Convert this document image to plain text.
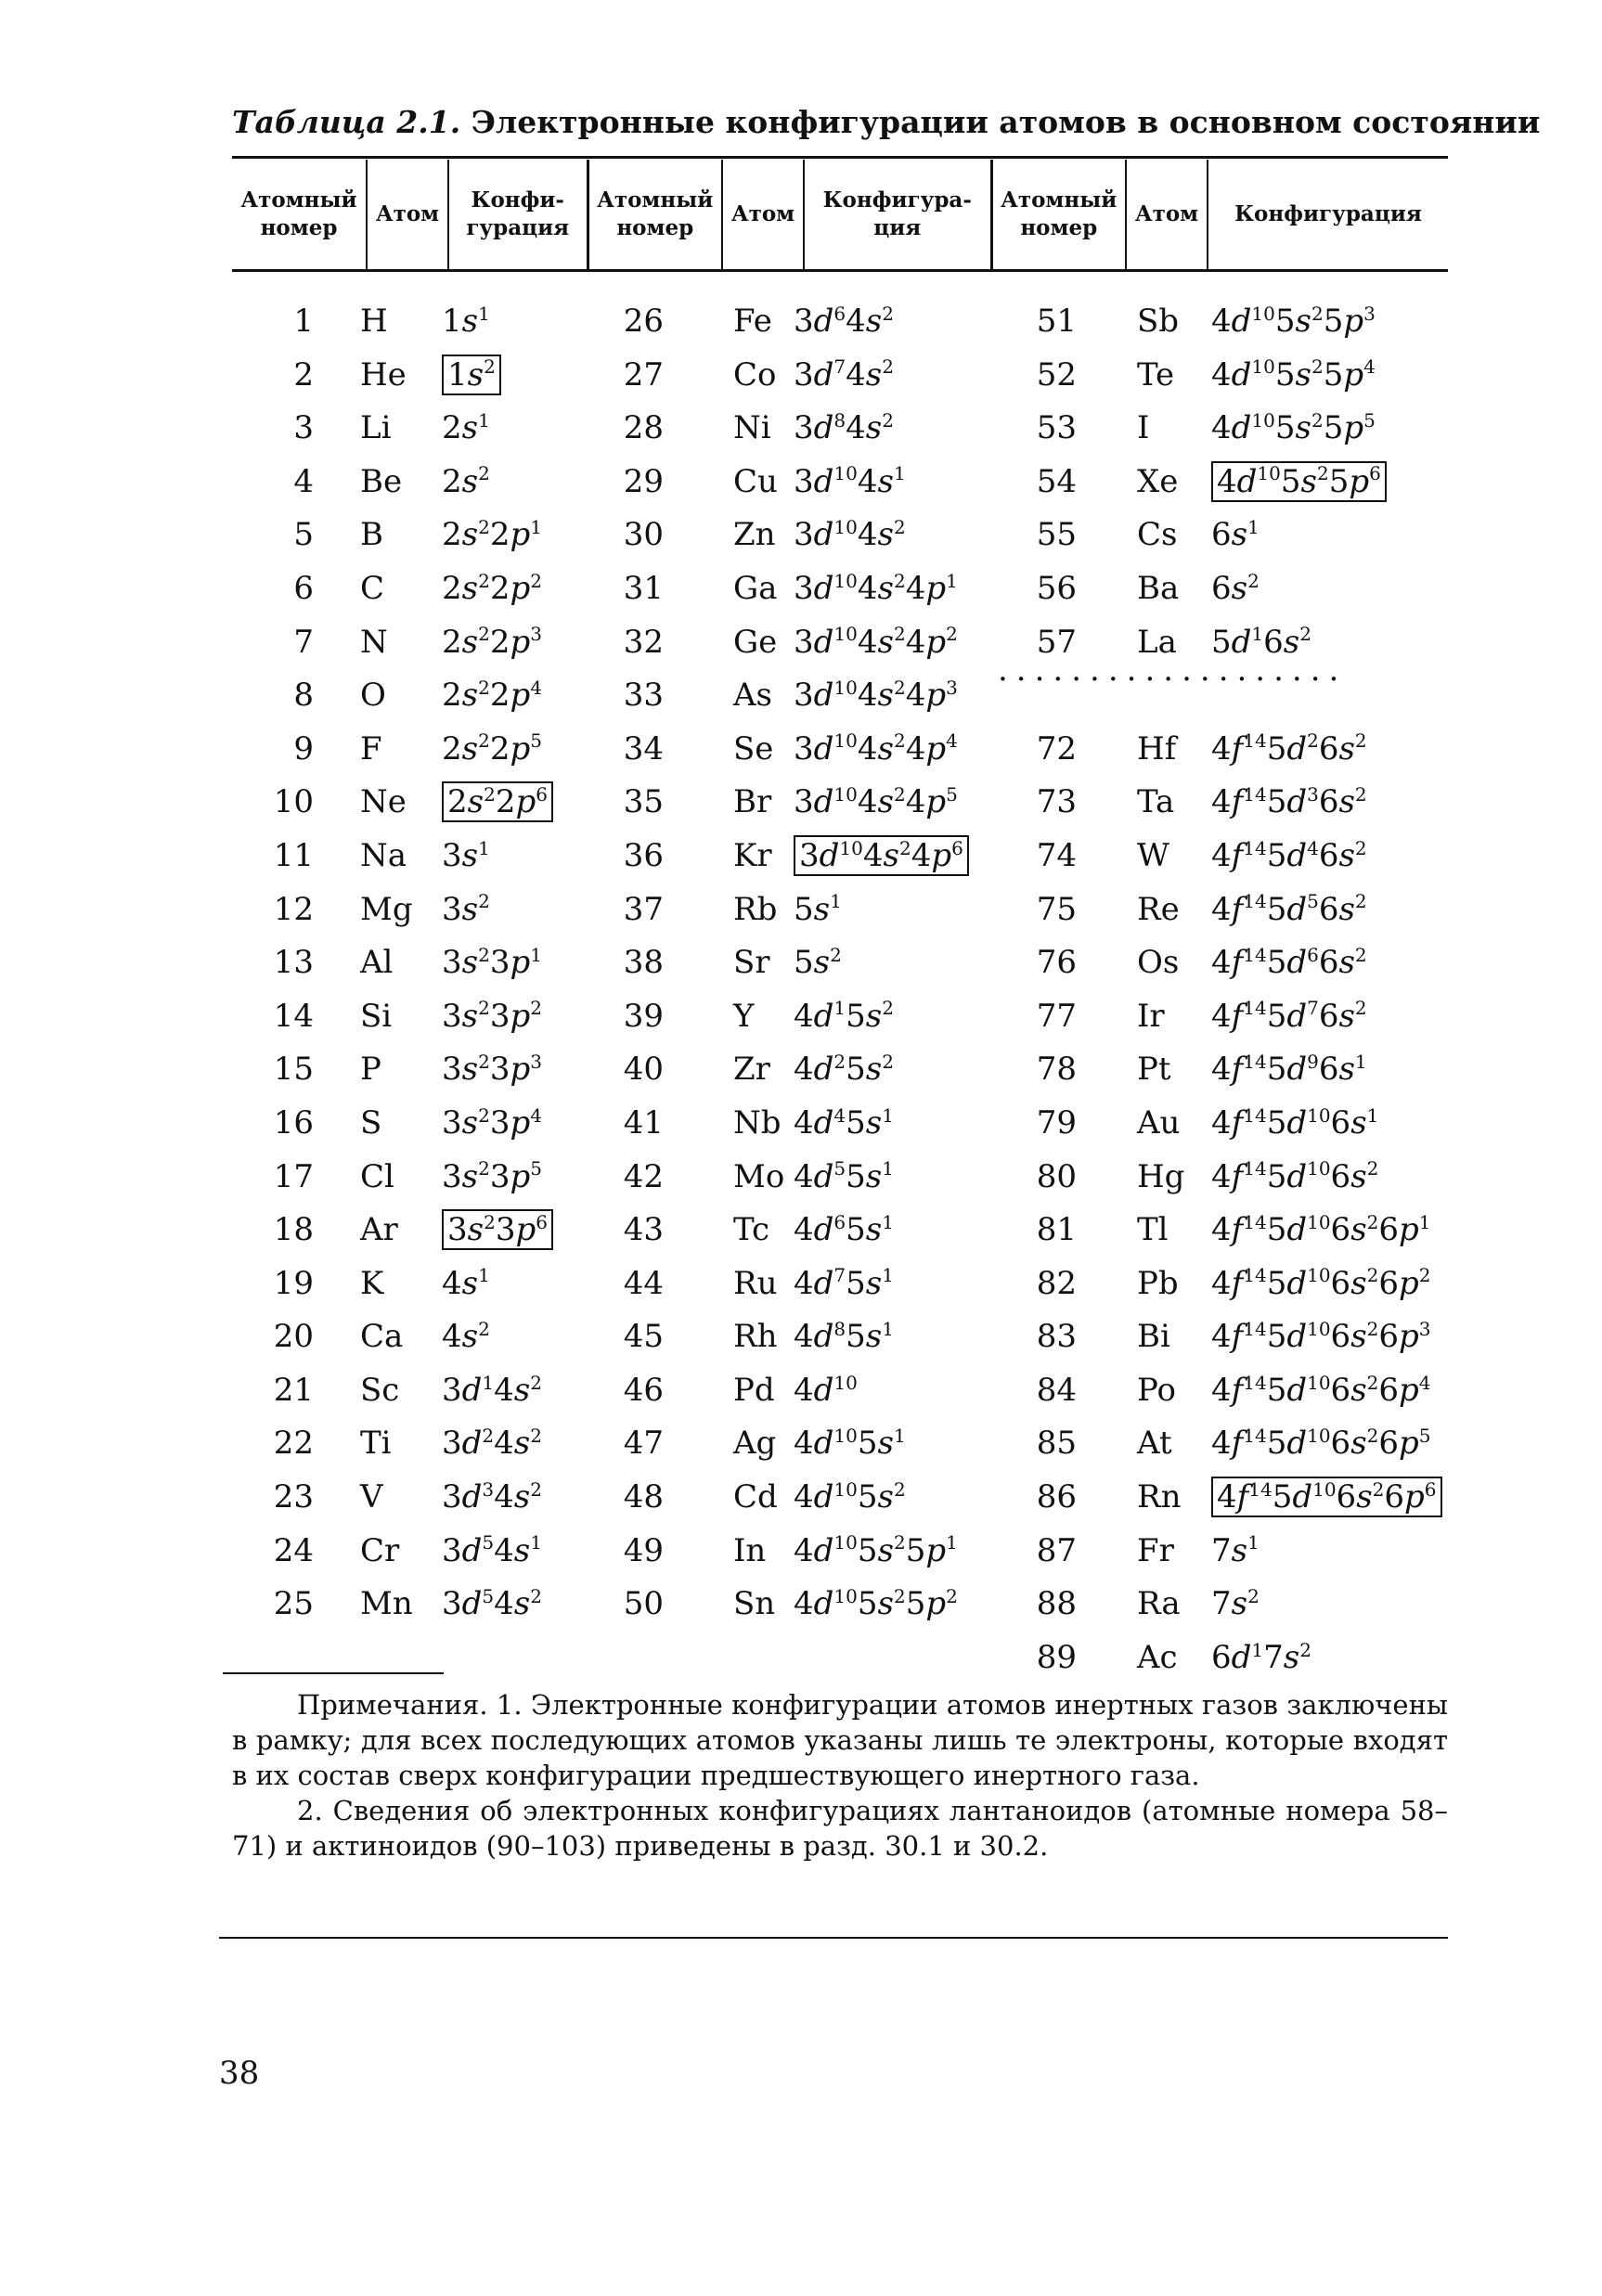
Таблица 2.1. Электронные конфигурации атомов в основном состоянии
Атомный номер	Атом	Конфи-гурация	Атомный номер	Атом	Конфигура-ция	Атомный номер	Атом	Конфигурация
1 H 1s1
2 He 1s2
3 Li 2s1
4 Be 2s2
5 B 2s22p1
6 C 2s22p2
7 N 2s22p3
8 O 2s22p4
9 F 2s22p5
10 Ne 2s22p6
11 Na 3s1
12 Mg 3s2
13 Al 3s23p1
14 Si 3s23p2
15 P 3s23p3
16 S 3s23p4
17 Cl 3s23p5
18 Ar 3s23p6
19 K 4s1
20 Ca 4s2
21 Sc 3d14s2
22 Ti 3d24s2
23 V 3d34s2
24 Cr 3d54s1
25 Mn 3d54s2
26 Fe 3d64s2
27 Co 3d74s2
28 Ni 3d84s2
29 Cu 3d104s1
30 Zn 3d104s2
31 Ga 3d104s24p1
32 Ge 3d104s24p2
33 As 3d104s24p3
34 Se 3d104s24p4
35 Br 3d104s24p5
36 Kr 3d104s24p6
37 Rb 5s1
38 Sr 5s2
39 Y 4d15s2
40 Zr 4d25s2
41 Nb 4d45s1
42 Mo 4d55s1
43 Tc 4d65s1
44 Ru 4d75s1
45 Rh 4d85s1
46 Pd 4d10
47 Ag 4d105s1
48 Cd 4d105s2
49 In 4d105s25p1
50 Sn 4d105s25p2
51 Sb 4d105s25p3
52 Te 4d105s25p4
53 I 4d105s25p5
54 Xe 4d105s25p6
55 Cs 6s1
56 Ba 6s2
57 La 5d16s2
72 Hf 4f145d26s2
73 Ta 4f145d36s2
74 W 4f145d46s2
75 Re 4f145d56s2
76 Os 4f145d66s2
77 Ir 4f145d76s2
78 Pt 4f145d96s1
79 Au 4f145d106s1
80 Hg 4f145d106s2
81 Tl 4f145d106s26p1
82 Pb 4f145d106s26p2
83 Bi 4f145d106s26p3
84 Po 4f145d106s26p4
85 At 4f145d106s26p5
86 Rn 4f145d106s26p6
87 Fr 7s1
88 Ra 7s2
89 Ac 6d17s2
...................

Примечания. 1. Электронные конфигурации атомов инертных газов заключены в рамку; для всех последующих атомов указаны лишь те электроны, которые входят в их состав сверх конфигурации предшествующего инертного газа.

2. Сведения об электронных конфигурациях лантаноидов (атомные номера 58–71) и актиноидов (90–103) приведены в разд. 30.1 и 30.2.

38
